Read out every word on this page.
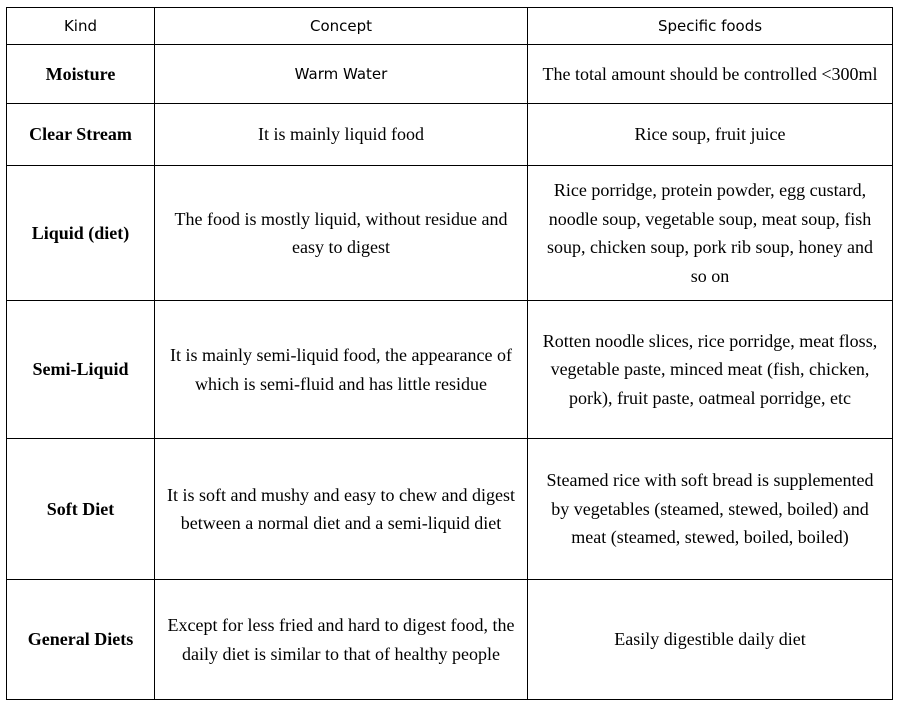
Kind	Concept	Specific foods
Moisture	Warm Water	The total amount should be controlled <300ml
Clear Stream	It is mainly liquid food	Rice soup, fruit juice
Liquid (diet)	The food is mostly liquid, without residue and easy to digest	Rice porridge, protein powder, egg custard, noodle soup, vegetable soup, meat soup, fish soup, chicken soup, pork rib soup, honey and so on
Semi-Liquid	It is mainly semi-liquid food, the appearance of which is semi-fluid and has little residue	Rotten noodle slices, rice porridge, meat floss, vegetable paste, minced meat (fish, chicken, pork), fruit paste, oatmeal porridge, etc
Soft Diet	It is soft and mushy and easy to chew and digest between a normal diet and a semi-liquid diet	Steamed rice with soft bread is supplemented by vegetables (steamed, stewed, boiled) and meat (steamed, stewed, boiled, boiled)
General Diets	Except for less fried and hard to digest food, the daily diet is similar to that of healthy people	Easily digestible daily diet
